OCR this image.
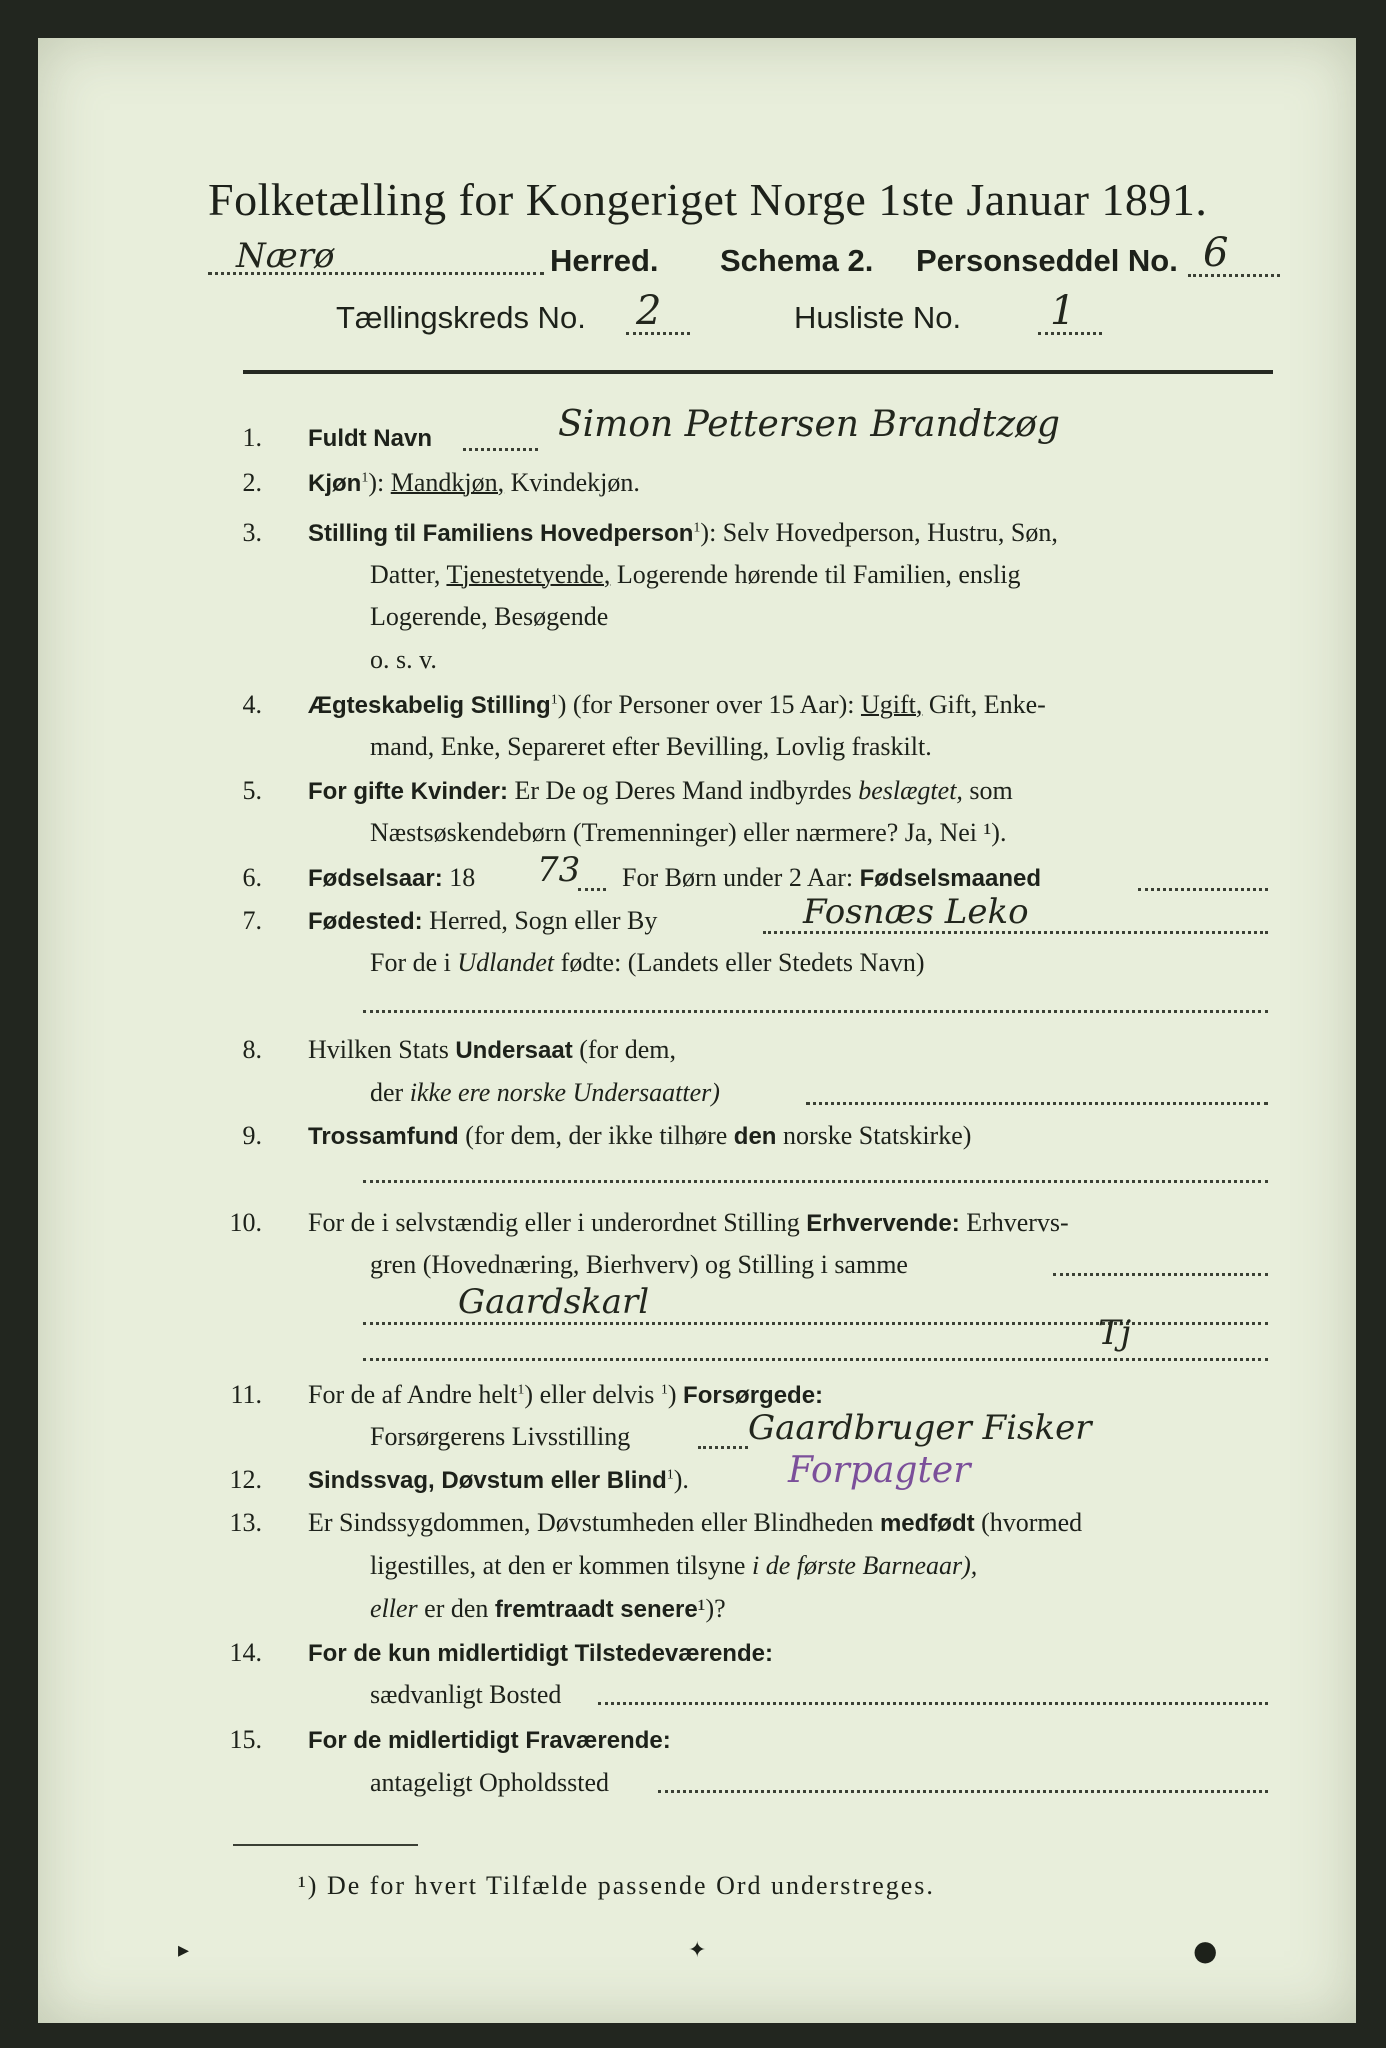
Folketælling for Kongeriget Norge 1ste Januar 1891.
Nærø	Herred. Schema 2. Personseddel No. 6
Tællingskreds No. 2	Husliste No. 1
1. Fuldt Navn	Simon Pettersen Brandtzøg
2. Kjøn$^1$): Mandkjøn, Kvindekjøn.
3. Stilling til Familiens Hovedperson$^1$): Selv Hovedperson, Hustru, Søn,
Datter, Tjenestetyende, Logerende hørende til Familien, enslig
Logerende, Besøgende
o. s. v.
4. Ægteskabelig Stilling$^1$) (for Personer over 15 Aar): Ugift, Gift, Enke-
mand, Enke, Separeret efter Bevilling, Lovlig fraskilt.
5. For gifte Kvinder: Er De og Deres Mand indbyrdes beslægtet, som
Næstsøskendebørn (Tremenninger) eller nærmere? Ja, Nei ¹).
6. Fødselsaar: 18 73 For Børn under 2 Aar: Fødselsmaaned
7. Fødested: Herred, Sogn eller By	Fosnæs Leko
For de i Udlandet fødte: (Landets eller Stedets Navn)
8. Hvilken Stats Undersaat (for dem,
der ikke ere norske Undersaatter)
9. Trossamfund (for dem, der ikke tilhøre den norske Statskirke)
10. For de i selvstændig eller i underordnet Stilling Erhvervende: Erhvervs-
gren (Hovednæring, Bierhverv) og Stilling i samme
Gaardskarl
Tj
11. For de af Andre helt$^1$) eller delvis $^1$) Forsørgede:
Forsørgerens Livsstilling	Gaardbruger Fisker
12. Sindssvag, Døvstum eller Blind$^1$).	Forpagter
13. Er Sindssygdommen, Døvstumheden eller Blindheden medfødt (hvormed
ligestilles, at den er kommen tilsyne i de første Barneaar),
eller er den fremtraadt senere¹)?
14. For de kun midlertidigt Tilstedeværende:
sædvanligt Bosted
15. For de midlertidigt Fraværende:
antageligt Opholdssted
¹) De for hvert Tilfælde passende Ord understreges.
▸	✦	●
